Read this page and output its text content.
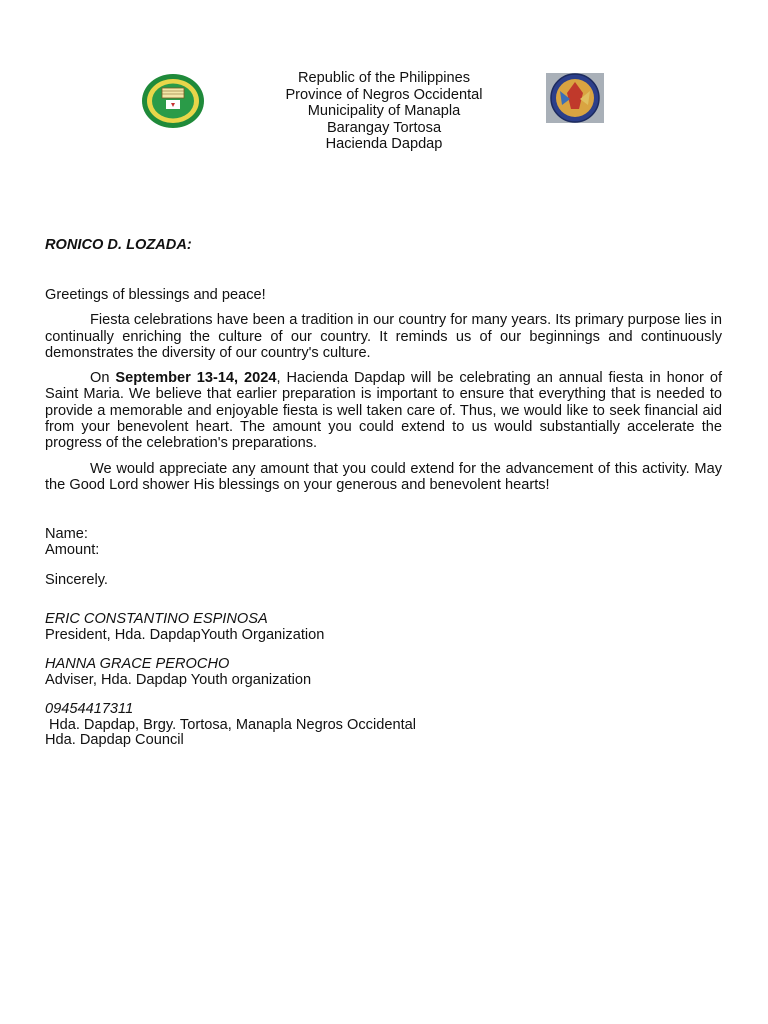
Republic of the Philippines
Province of Negros Occidental
Municipality of Manapla
Barangay Tortosa
Hacienda Dapdap
RONICO D. LOZADA:

Greetings of blessings and peace!

Fiesta celebrations have been a tradition in our country for many years. Its primary purpose lies in continually enriching the culture of our country. It reminds us of our beginnings and continuously demonstrates the diversity of our country's culture.

On September 13-14, 2024, Hacienda Dapdap will be celebrating an annual fiesta in honor of Saint Maria. We believe that earlier preparation is important to ensure that everything that is needed to provide a memorable and enjoyable fiesta is well taken care of. Thus, we would like to seek financial aid from your benevolent heart. The amount you could extend to us would substantially accelerate the progress of the celebration's preparations.

We would appreciate any amount that you could extend for the advancement of this activity. May the Good Lord shower His blessings on your generous and benevolent hearts!

Name:
Amount:
Sincerely.
ERIC CONSTANTINO ESPINOSA
President, Hda. DapdapYouth Organization
HANNA GRACE PEROCHO
Adviser, Hda. Dapdap Youth organization
09454417311
Hda. Dapdap, Brgy. Tortosa, Manapla Negros Occidental
Hda. Dapdap Council
